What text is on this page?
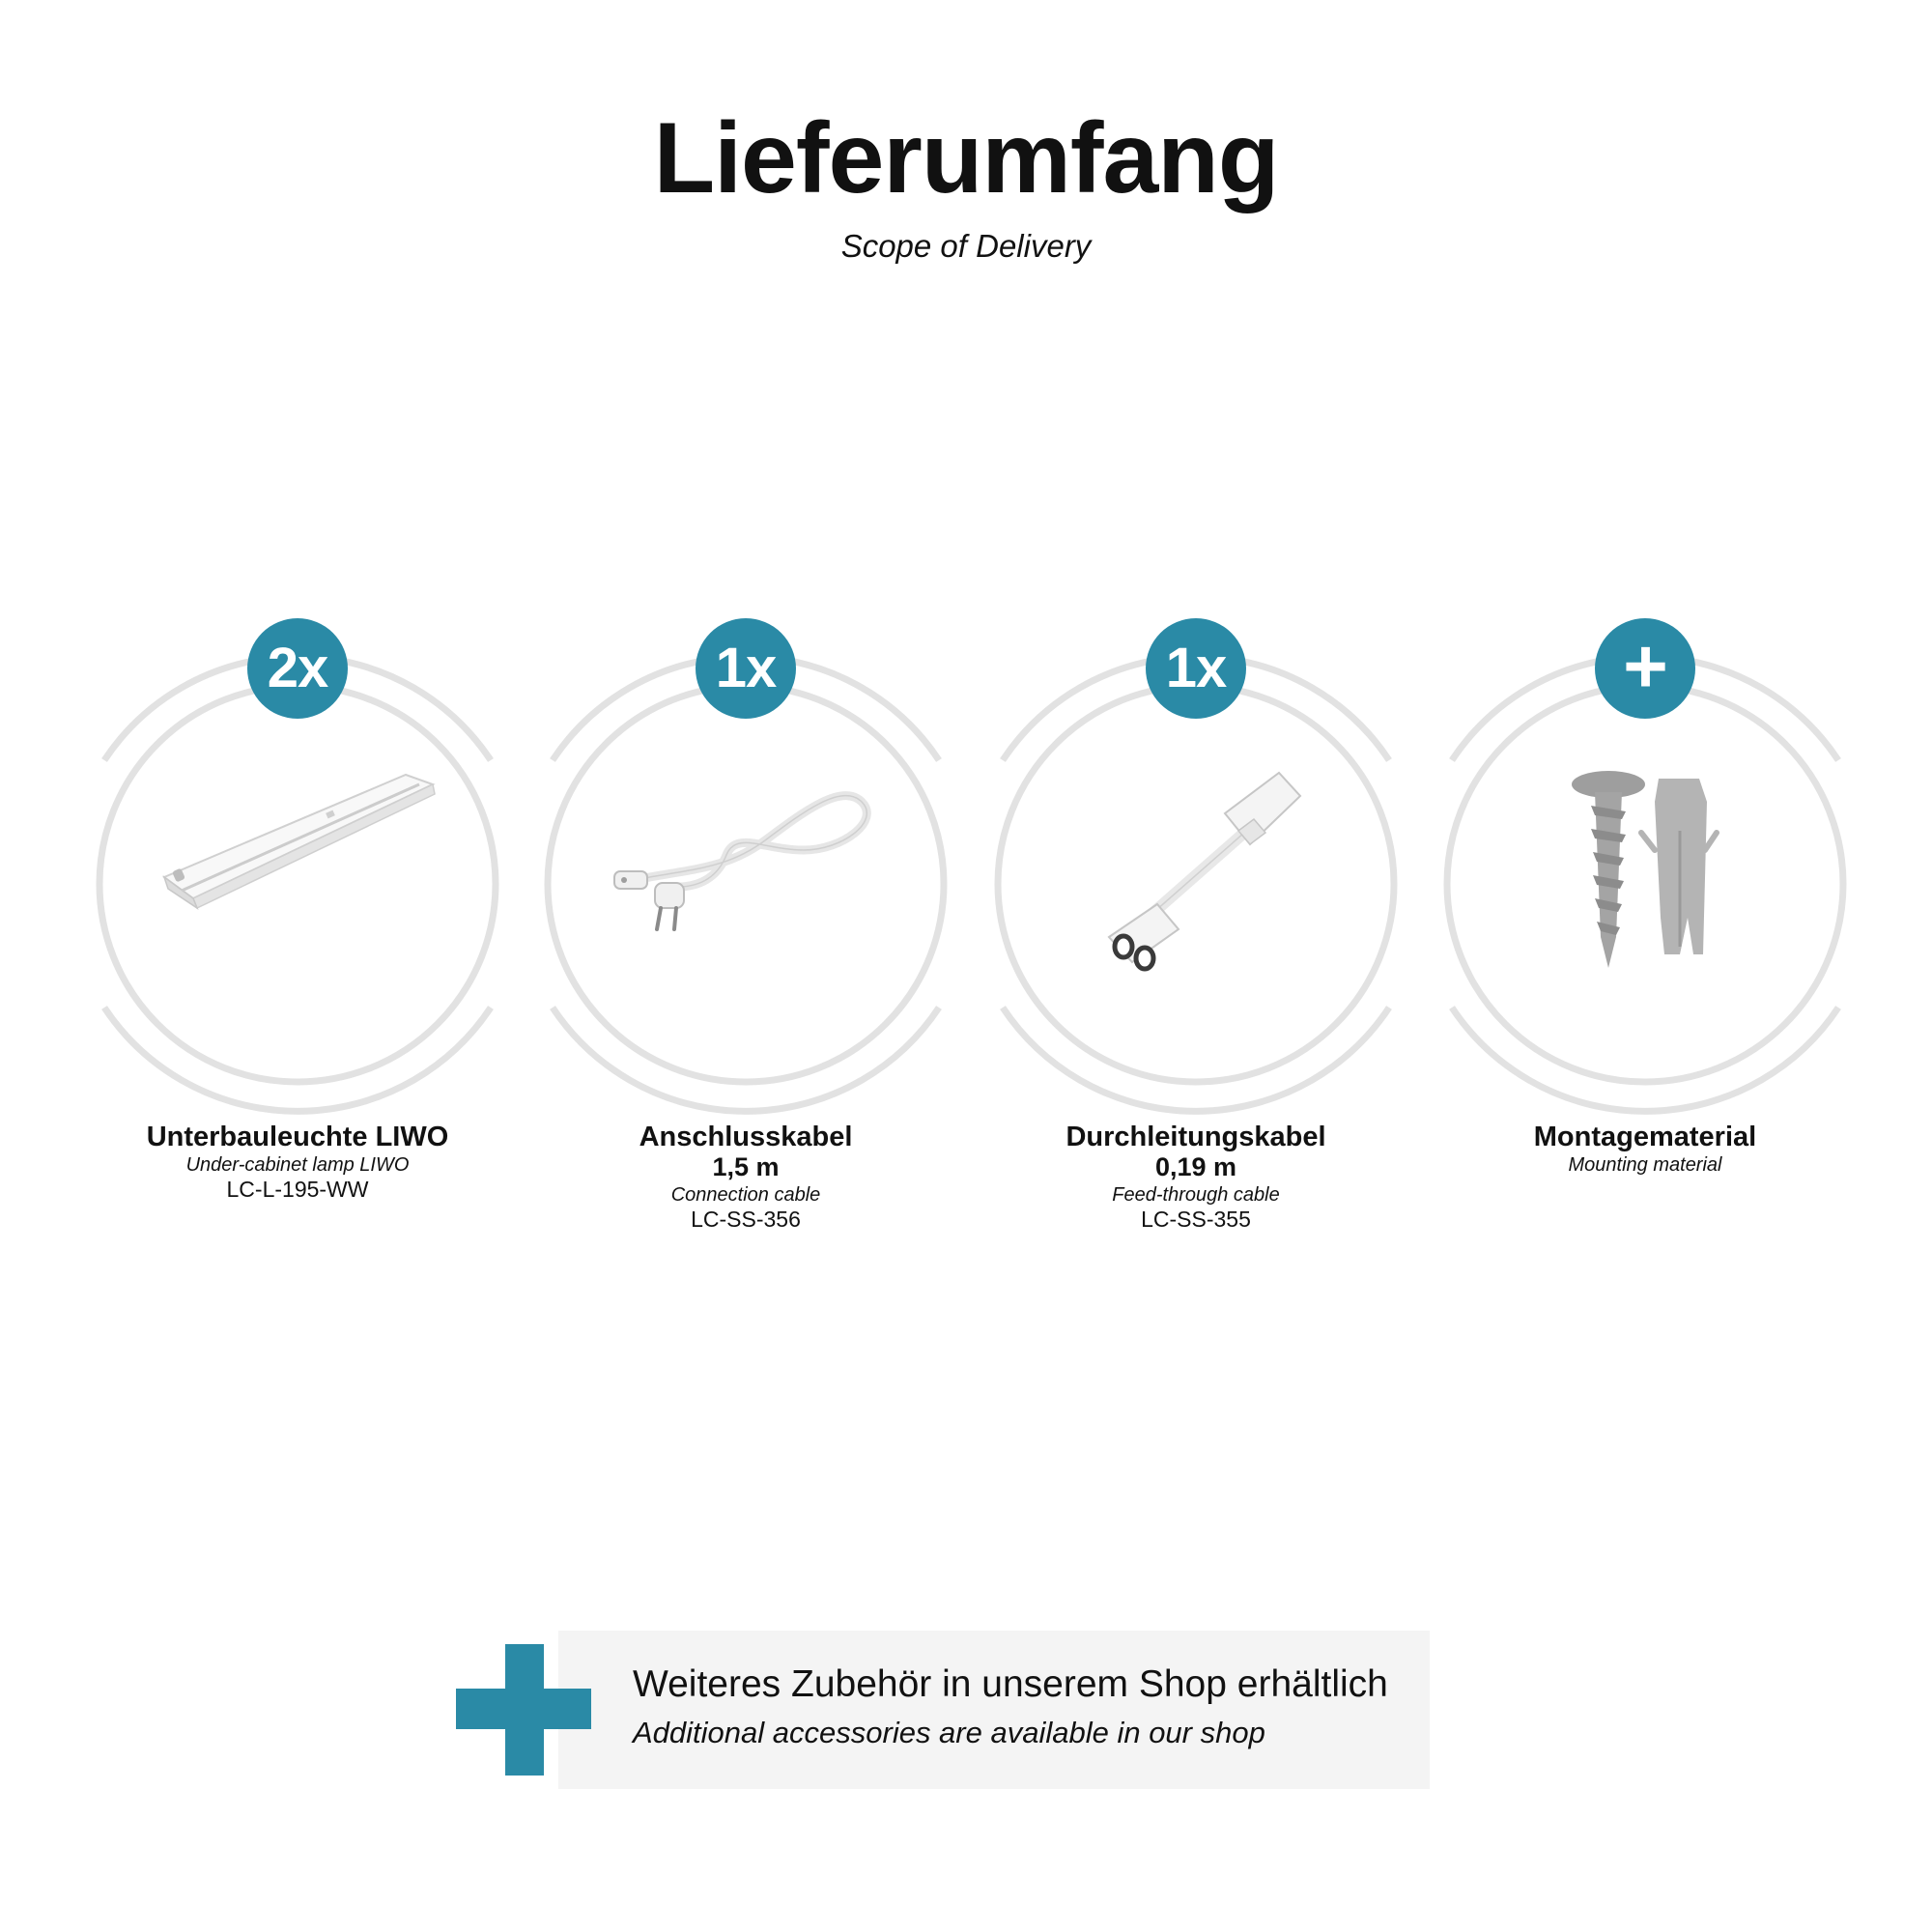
Lieferumfang
Scope of Delivery
2x
Unterbauleuchte LIWO
Under-cabinet lamp LIWO
LC-L-195-WW
1x
Anschlusskabel
1,5 m
Connection cable
LC-SS-356
1x
Durchleitungskabel
0,19 m
Feed-through cable
LC-SS-355
+
Montagematerial
Mounting material
Weiteres Zubehör in unserem Shop erhältlich
Additional accessories are available in our shop
